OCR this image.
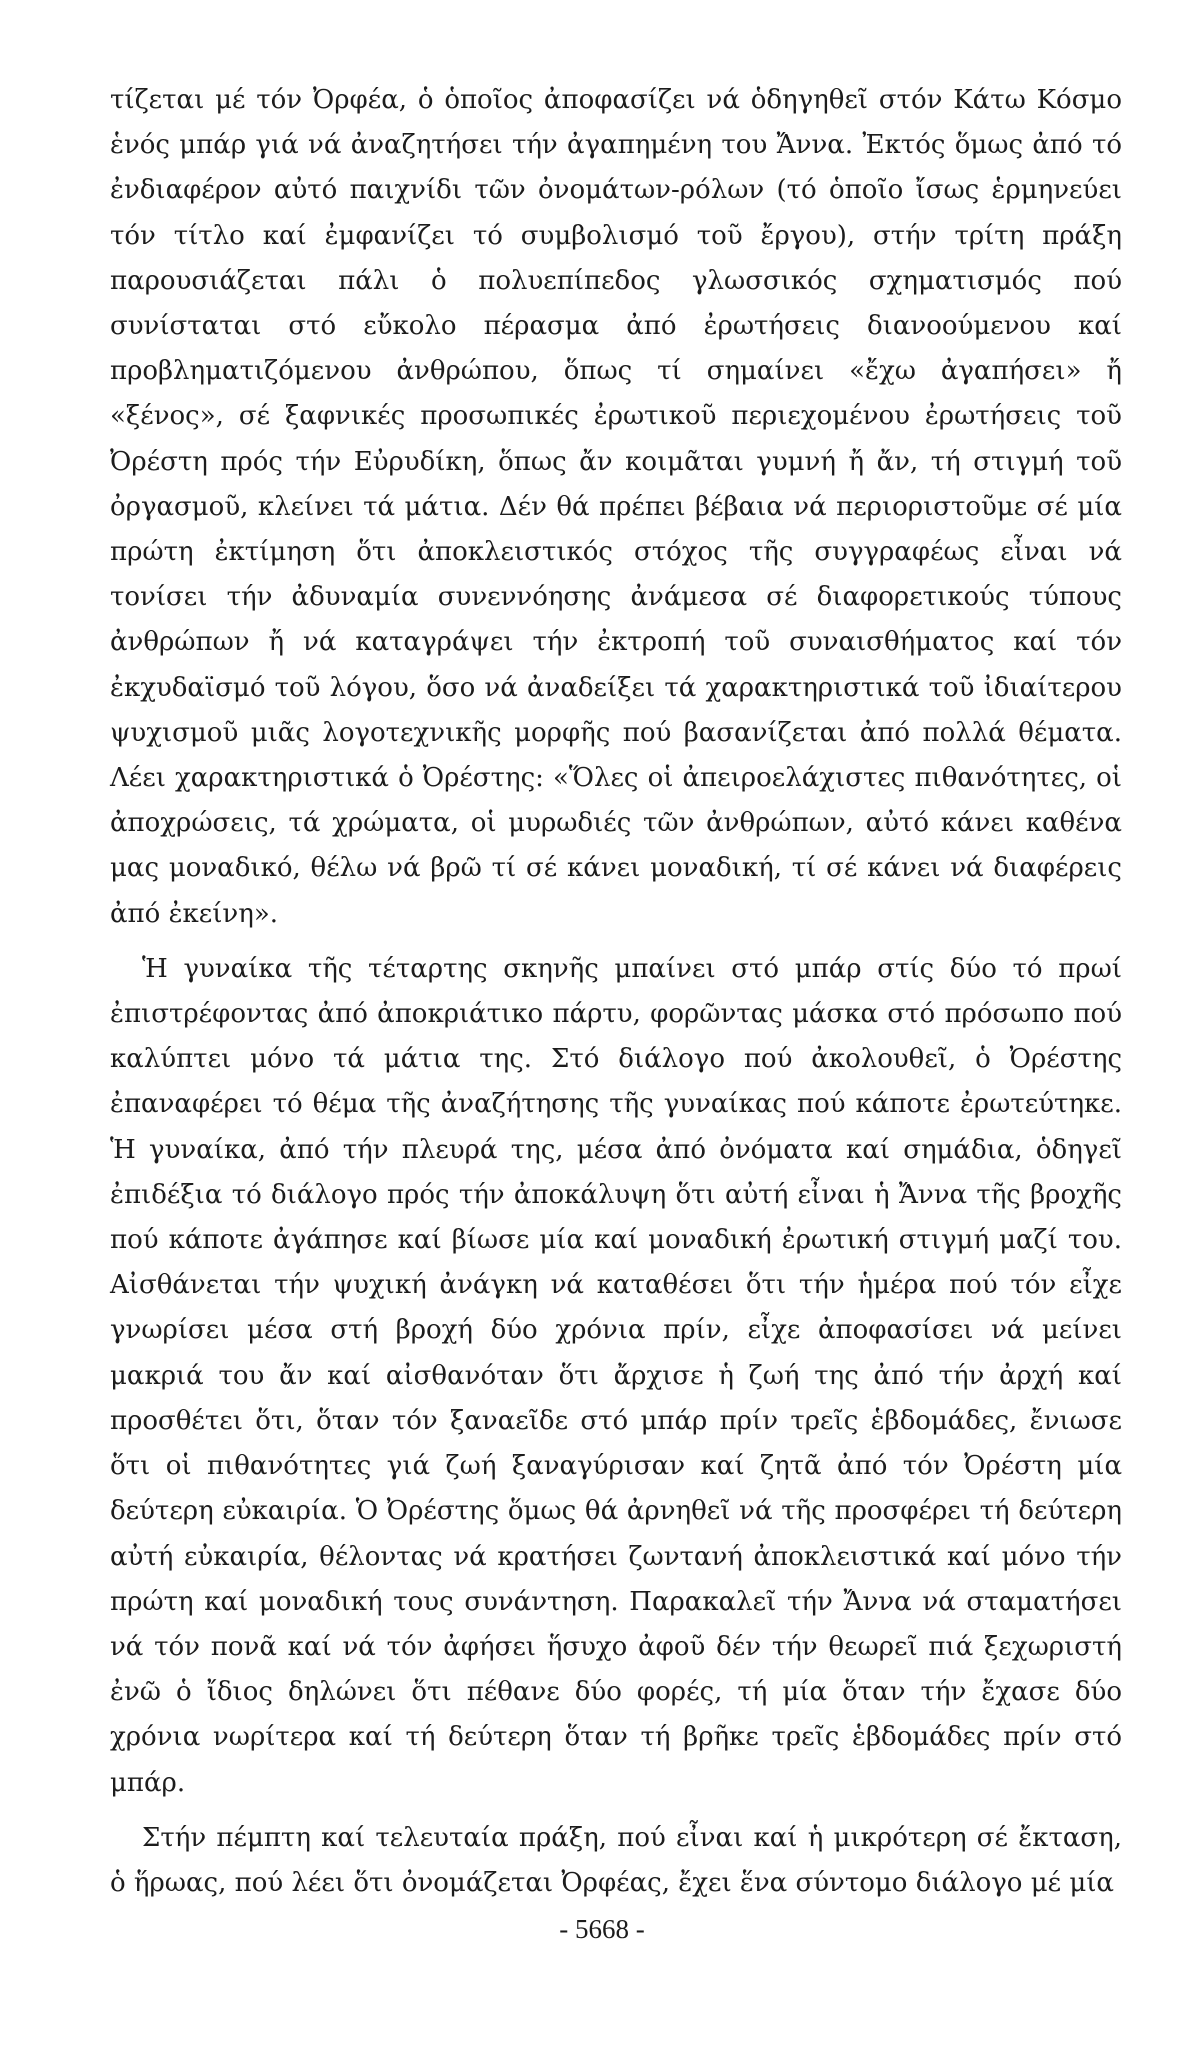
τίζεται μέ τόν Ὀρφέα, ὁ ὁποῖος ἀποφασίζει νά ὁδηγηθεῖ στόν Κάτω Κόσμο ἑνός μπάρ γιά νά ἀναζητήσει τήν ἀγαπημένη του Ἄννα. Ἐκτός ὅμως ἀπό τό ἐνδιαφέρον αὐτό παιχνίδι τῶν ὀνομάτων-ρόλων (τό ὁποῖο ἴσως ἑρμηνεύει τόν τίτλο καί ἐμφανίζει τό συμβολισμό τοῦ ἔργου), στήν τρίτη πράξη παρουσιάζεται πάλι ὁ πολυεπίπεδος γλωσσικός σχηματισμός πού συνίσταται στό εὔκολο πέρασμα ἀπό ἐρωτήσεις διανοούμενου καί προβληματιζόμενου ἀνθρώπου, ὅπως τί σημαίνει «ἔχω ἀγαπήσει» ἤ «ξένος», σέ ξαφνικές προσωπικές ἐρωτικοῦ περιεχομένου ἐρωτήσεις τοῦ Ὀρέστη πρός τήν Εὐρυδίκη, ὅπως ἄν κοιμᾶται γυμνή ἤ ἄν, τή στιγμή τοῦ ὀργασμοῦ, κλείνει τά μάτια. Δέν θά πρέπει βέβαια νά περιοριστοῦμε σέ μία πρώτη ἐκτίμηση ὅτι ἀποκλειστικός στόχος τῆς συγγραφέως εἶναι νά τονίσει τήν ἀδυναμία συνεννόησης ἀνάμεσα σέ διαφορετικούς τύπους ἀνθρώπων ἤ νά καταγράψει τήν ἐκτροπή τοῦ συναισθήματος καί τόν ἐκχυδαϊσμό τοῦ λόγου, ὅσο νά ἀναδείξει τά χαρακτηριστικά τοῦ ἰδιαίτερου ψυχισμοῦ μιᾶς λογοτεχνικῆς μορφῆς πού βασανίζεται ἀπό πολλά θέματα. Λέει χαρακτηριστικά ὁ Ὀρέστης: «Ὅλες οἱ ἀπειροελάχιστες πιθανότητες, οἱ ἀποχρώσεις, τά χρώματα, οἱ μυρωδιές τῶν ἀνθρώπων, αὐτό κάνει καθένα μας μοναδικό, θέλω νά βρῶ τί σέ κάνει μοναδική, τί σέ κάνει νά διαφέρεις ἀπό ἐκείνη».

Ἡ γυναίκα τῆς τέταρτης σκηνῆς μπαίνει στό μπάρ στίς δύο τό πρωί ἐπιστρέφοντας ἀπό ἀποκριάτικο πάρτυ, φορῶντας μάσκα στό πρόσωπο πού καλύπτει μόνο τά μάτια της. Στό διάλογο πού ἀκολουθεῖ, ὁ Ὀρέστης ἐπαναφέρει τό θέμα τῆς ἀναζήτησης τῆς γυναίκας πού κάποτε ἐρωτεύτηκε. Ἡ γυναίκα, ἀπό τήν πλευρά της, μέσα ἀπό ὀνόματα καί σημάδια, ὁδηγεῖ ἐπιδέξια τό διάλογο πρός τήν ἀποκάλυψη ὅτι αὐτή εἶναι ἡ Ἄννα τῆς βροχῆς πού κάποτε ἀγάπησε καί βίωσε μία καί μοναδική ἐρωτική στιγμή μαζί του. Αἰσθάνεται τήν ψυχική ἀνάγκη νά καταθέσει ὅτι τήν ἡμέρα πού τόν εἶχε γνωρίσει μέσα στή βροχή δύο χρόνια πρίν, εἶχε ἀποφασίσει νά μείνει μακριά του ἄν καί αἰσθανόταν ὅτι ἄρχισε ἡ ζωή της ἀπό τήν ἀρχή καί προσθέτει ὅτι, ὅταν τόν ξαναεῖδε στό μπάρ πρίν τρεῖς ἑβδομάδες, ἔνιωσε ὅτι οἱ πιθανότητες γιά ζωή ξαναγύρισαν καί ζητᾶ ἀπό τόν Ὀρέστη μία δεύτερη εὐκαιρία. Ὁ Ὀρέστης ὅμως θά ἀρνηθεῖ νά τῆς προσφέρει τή δεύτερη αὐτή εὐκαιρία, θέλοντας νά κρατήσει ζωντανή ἀποκλειστικά καί μόνο τήν πρώτη καί μοναδική τους συνάντηση. Παρακαλεῖ τήν Ἄννα νά σταματήσει νά τόν πονᾶ καί νά τόν ἀφήσει ἥσυχο ἀφοῦ δέν τήν θεωρεῖ πιά ξεχωριστή ἐνῶ ὁ ἴδιος δηλώνει ὅτι πέθανε δύο φορές, τή μία ὅταν τήν ἔχασε δύο χρόνια νωρίτερα καί τή δεύτερη ὅταν τή βρῆκε τρεῖς ἑβδομάδες πρίν στό μπάρ.

Στήν πέμπτη καί τελευταία πράξη, πού εἶναι καί ἡ μικρότερη σέ ἔκταση, ὁ ἥρωας, πού λέει ὅτι ὀνομάζεται Ὀρφέας, ἔχει ἕνα σύντομο διάλογο μέ μία

- 5668 -
